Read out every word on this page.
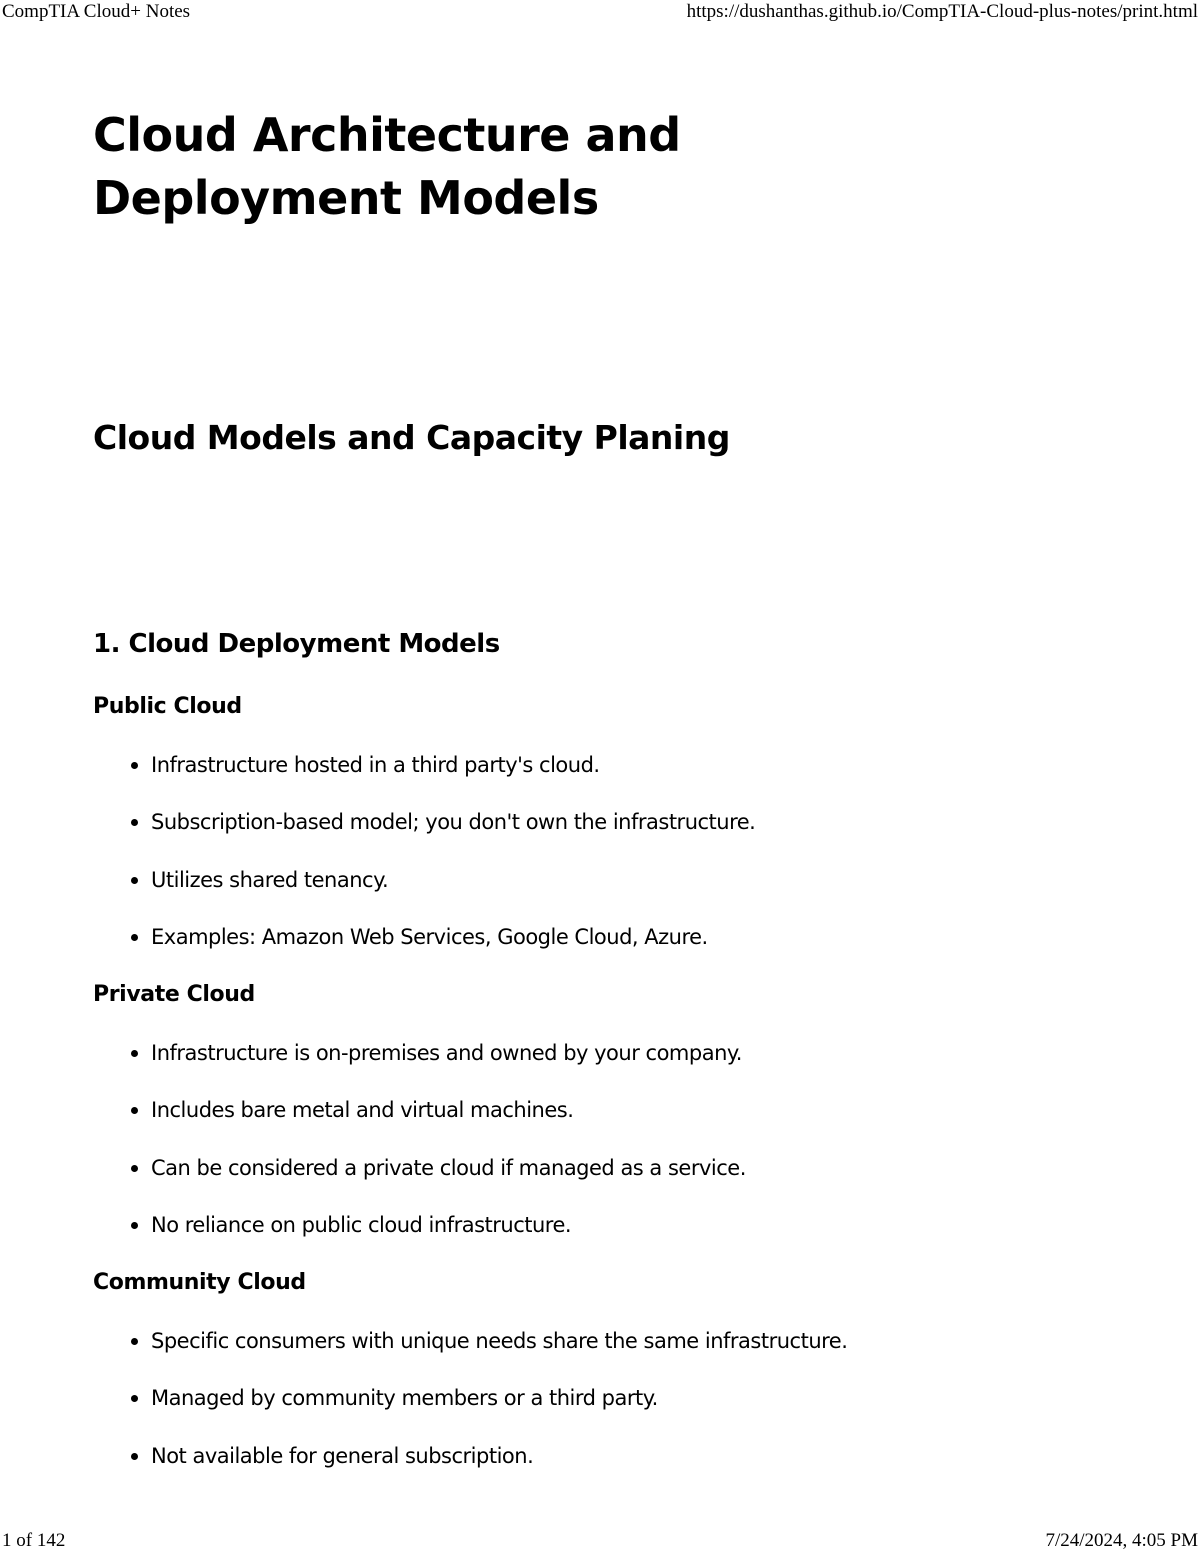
CompTIA Cloud+ Notes	https://dushanthas.github.io/CompTIA-Cloud-plus-notes/print.html
Cloud Architecture and Deployment Models
Cloud Models and Capacity Planing
1. Cloud Deployment Models
Public Cloud
Infrastructure hosted in a third party's cloud.
Subscription-based model; you don't own the infrastructure.
Utilizes shared tenancy.
Examples: Amazon Web Services, Google Cloud, Azure.
Private Cloud
Infrastructure is on-premises and owned by your company.
Includes bare metal and virtual machines.
Can be considered a private cloud if managed as a service.
No reliance on public cloud infrastructure.
Community Cloud
Specific consumers with unique needs share the same infrastructure.
Managed by community members or a third party.
Not available for general subscription.
1 of 142	7/24/2024, 4:05 PM
